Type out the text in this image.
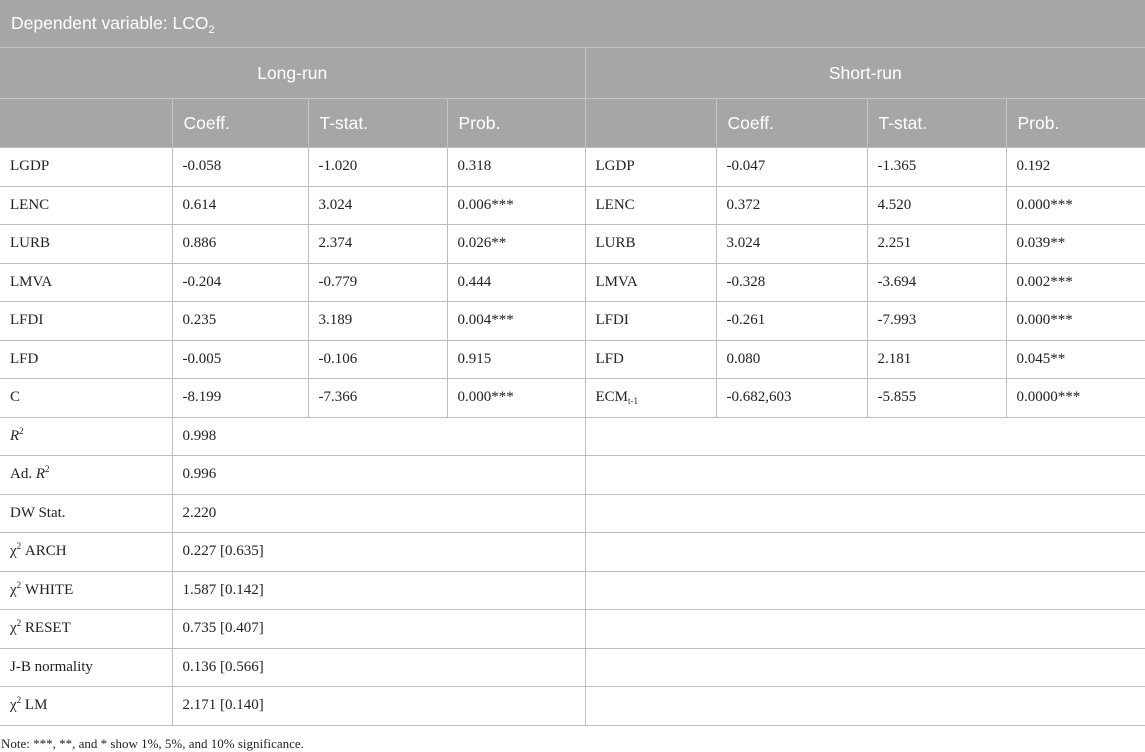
Dependent variable: $LCO_2$
Long-run				Short-run			
	Coeff.	T-stat.	Prob.		Coeff.	T-stat.	Prob.
LGDP	-0.058	-1.020	0.318	LGDP	-0.047	-1.365	0.192
LENC	0.614	3.024	0.006***	LENC	0.372	4.520	0.000***
LURB	0.886	2.374	0.026**	LURB	3.024	2.251	0.039**
LMVA	-0.204	-0.779	0.444	LMVA	-0.328	-3.694	0.002***
LFDI	0.235	3.189	0.004***	LFDI	-0.261	-7.993	0.000***
LFD	-0.005	-0.106	0.915	LFD	0.080	2.181	0.045**
C	-8.199	-7.366	0.000***	$ECM_{t-1}$	-0.682,603	-5.855	0.0000***
$R^2$	0.998						
Ad. $R^2$	0.996						
DW Stat.	2.220						
$\chi^2$ ARCH	0.227 [0.635]						
$\chi^2$ WHITE	1.587 [0.142]						
$\chi^2$ RESET	0.735 [0.407]						
J-B normality	0.136 [0.566]						
$\chi^2$ LM	2.171 [0.140]						
Note: ***, **, and * show 1%, 5%, and 10% significance.
